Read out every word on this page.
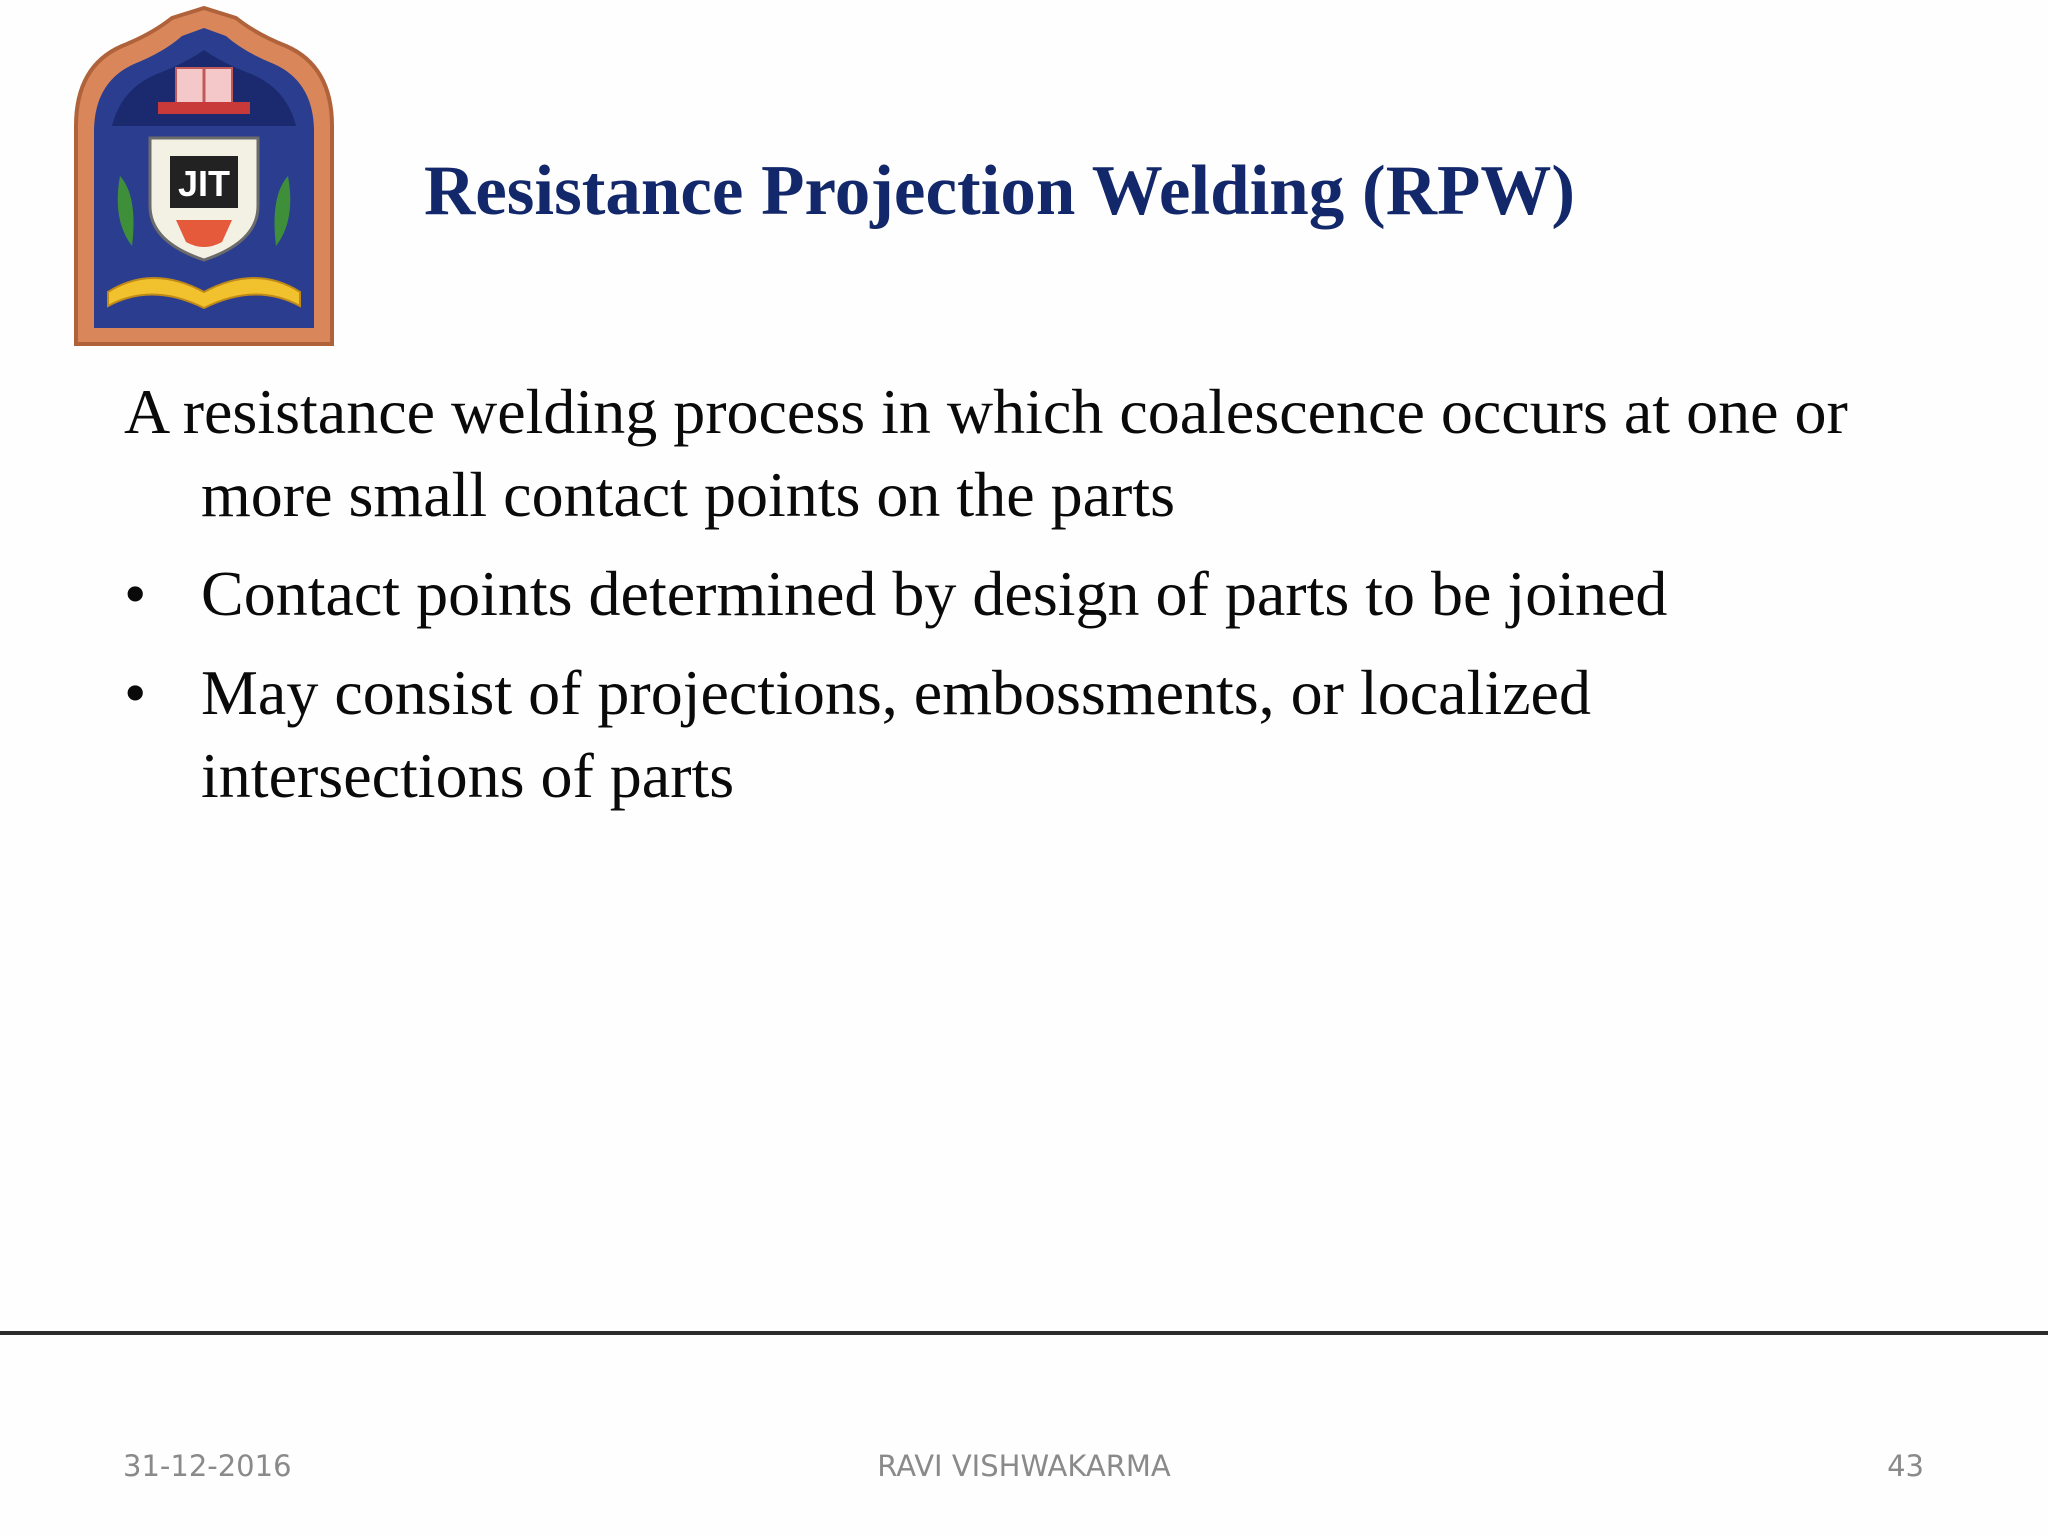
JIT	Resistance Projection Welding (RPW)

A resistance welding process in which coalescence occurs at one or more small contact points on the parts

• Contact points determined by design of parts to be joined
• May consist of projections, embossments, or localized intersections of parts
31-12-2016	RAVI VISHWAKARMA	43
